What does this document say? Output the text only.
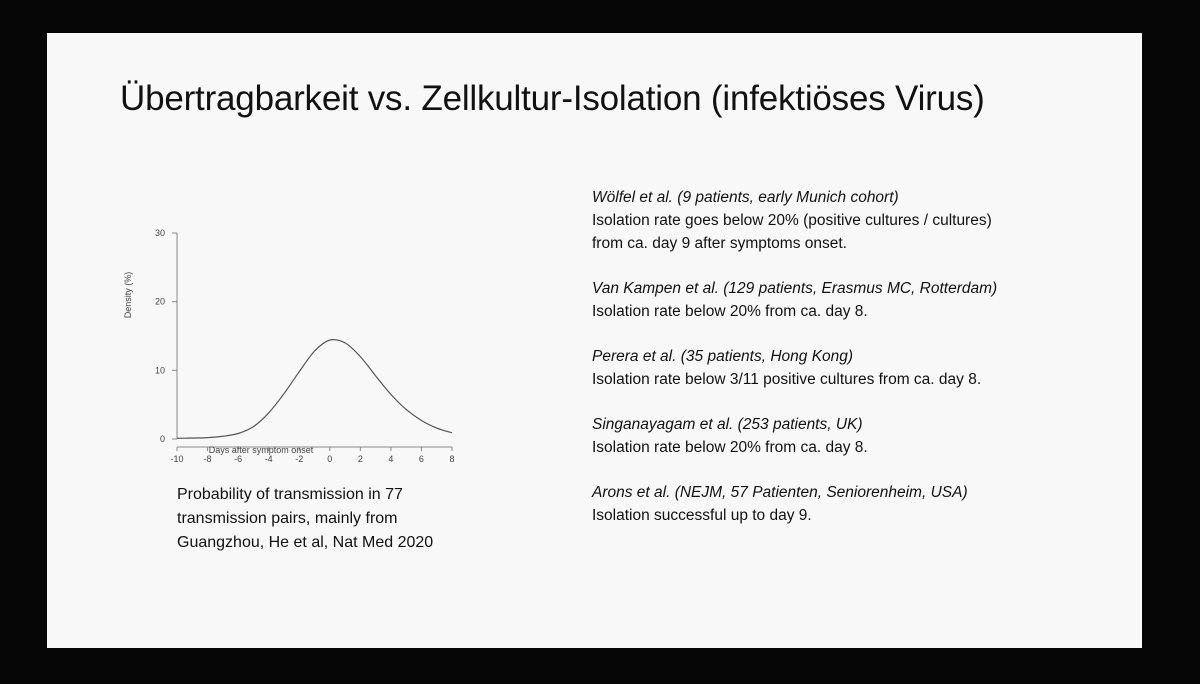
Übertragbarkeit vs. Zellkultur-Isolation (infektiöses Virus)
0
10
20
30
-10 -8	-6	-4	-2	0	2	4	6	8
Days after symptom onset
Density (%)
Probability of transmission in 77
transmission pairs, mainly from
Guangzhou, He et al, Nat Med 2020
Wölfel et al. (9 patients, early Munich cohort)
Isolation rate goes below 20% (positive cultures / cultures)
from ca. day 9 after symptoms onset.
Van Kampen et al. (129 patients, Erasmus MC, Rotterdam)
Isolation rate below 20% from ca. day 8.
Perera et al. (35 patients, Hong Kong)
Isolation rate below 3/11 positive cultures from ca. day 8.
Singanayagam et al. (253 patients, UK)
Isolation rate below 20% from ca. day 8.
Arons et al. (NEJM, 57 Patienten, Seniorenheim, USA)
Isolation successful up to day 9.
